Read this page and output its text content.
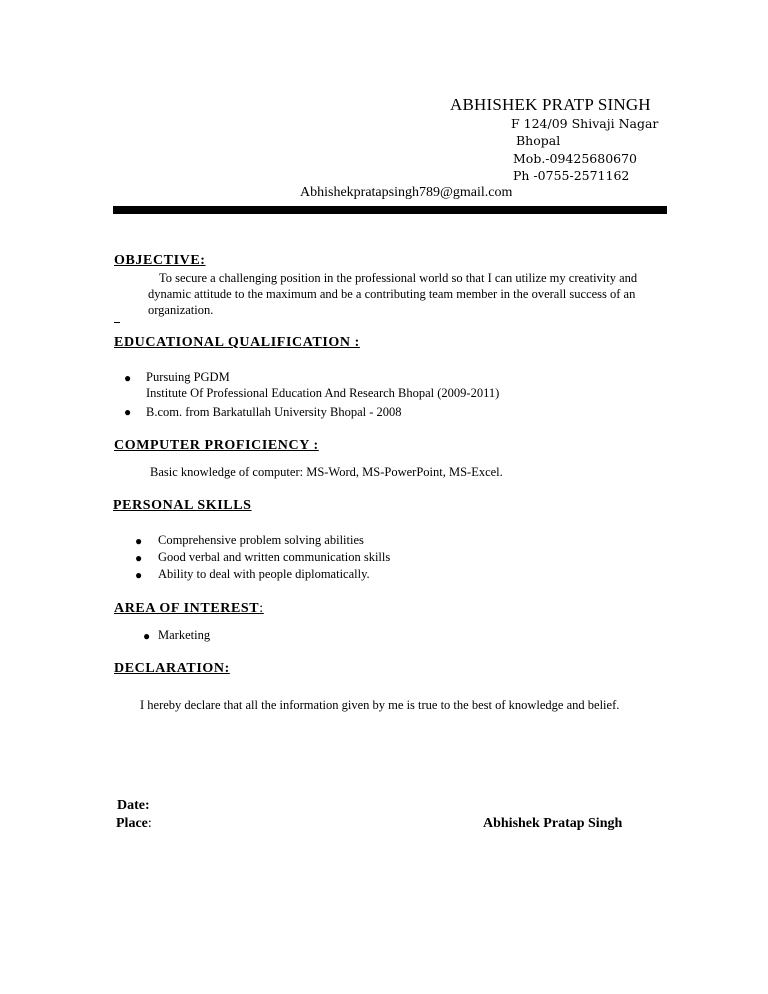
ABHISHEK PRATP SINGH
F 124/09 Shivaji Nagar
Bhopal
Mob.-09425680670
Ph -0755-2571162
Abhishekpratapsingh789@gmail.com
OBJECTIVE:
To secure a challenging position in the professional world so that I can utilize my creativity and dynamic attitude to the maximum and be a contributing team member in the overall success of an organization.
EDUCATIONAL QUALIFICATION :
● Pursuing PGDM
Institute Of Professional Education And Research Bhopal (2009-2011)
● B.com. from Barkatullah University Bhopal - 2008
COMPUTER PROFICIENCY :
Basic knowledge of computer: MS-Word, MS-PowerPoint, MS-Excel.
PERSONAL SKILLS
● Comprehensive problem solving abilities
● Good verbal and written communication skills
● Ability to deal with people diplomatically.
AREA OF INTEREST:
● Marketing
DECLARATION:
I hereby declare that all the information given by me is true to the best of knowledge and belief.
Date:
Place:	Abhishek Pratap Singh
